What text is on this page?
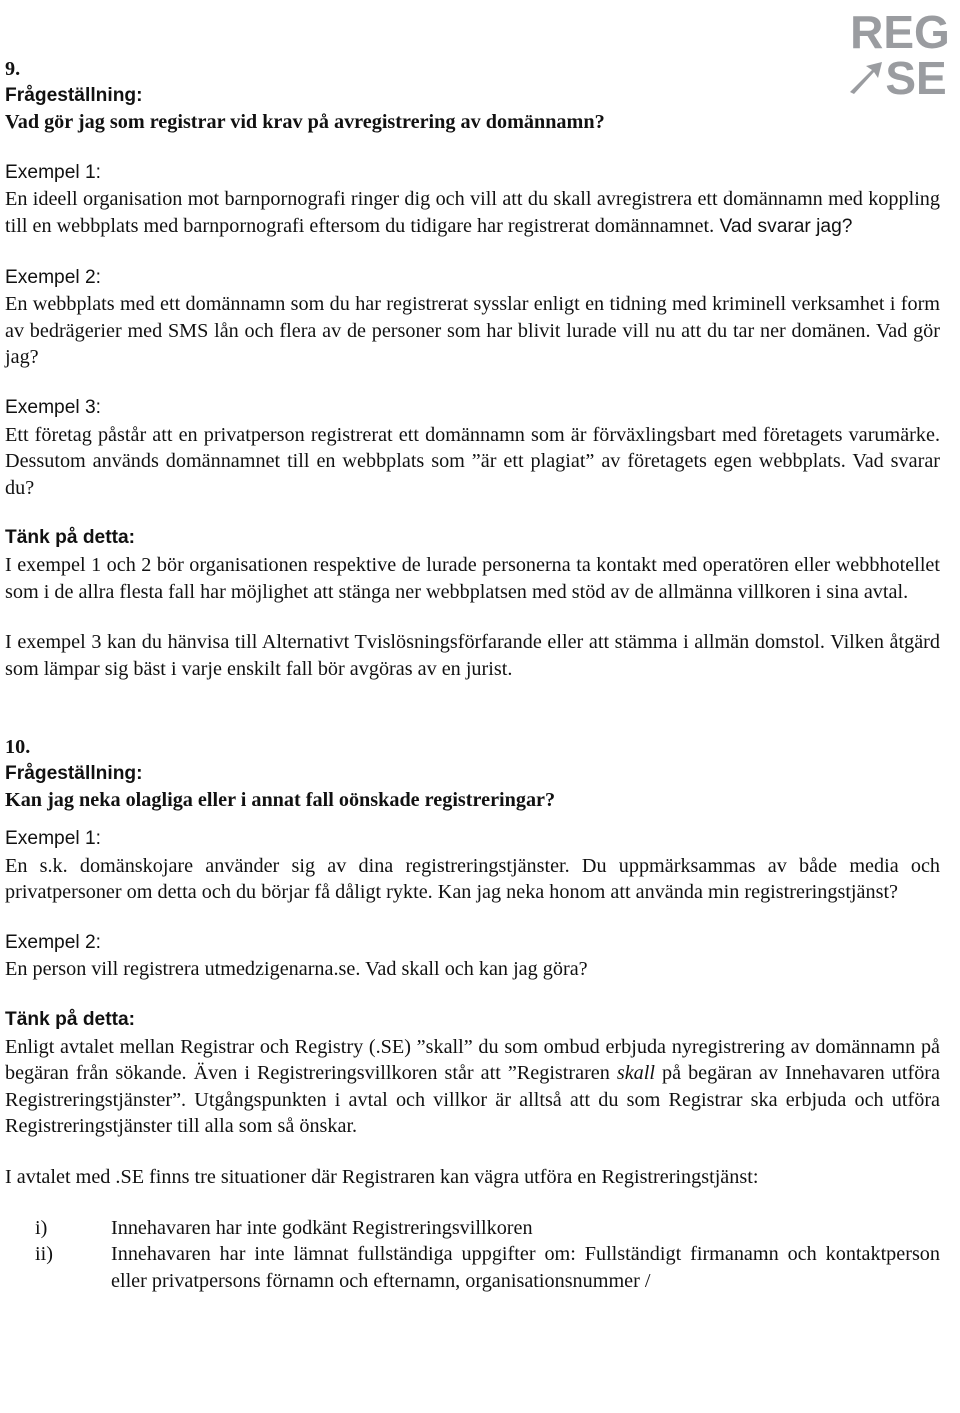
REG
SE

9.

Frågeställning:

Vad gör jag som registrar vid krav på avregistrering av domännamn?

Exempel 1:

En ideell organisation mot barnpornografi ringer dig och vill att du skall avregistrera ett domännamn med koppling till en webbplats med barnpornografi eftersom du tidigare har registrerat domännamnet. Vad svarar jag?

Exempel 2:

En webbplats med ett domännamn som du har registrerat sysslar enligt en tidning med kriminell verksamhet i form av bedrägerier med SMS lån och flera av de personer som har blivit lurade vill nu att du tar ner domänen. Vad gör jag?

Exempel 3:

Ett företag påstår att en privatperson registrerat ett domännamn som är förväxlingsbart med företagets varumärke. Dessutom används domännamnet till en webbplats som ”är ett plagiat” av företagets egen webbplats. Vad svarar du?

Tänk på detta:

I exempel 1 och 2 bör organisationen respektive de lurade personerna ta kontakt med operatören eller webbhotellet som i de allra flesta fall har möjlighet att stänga ner webbplatsen med stöd av de allmänna villkoren i sina avtal.

I exempel 3 kan du hänvisa till Alternativt Tvislösningsförfarande eller att stämma i allmän domstol. Vilken åtgärd som lämpar sig bäst i varje enskilt fall bör avgöras av en jurist.

10.

Frågeställning:

Kan jag neka olagliga eller i annat fall oönskade registreringar?

Exempel 1:

En s.k. domänskojare använder sig av dina registreringstjänster. Du uppmärksammas av både media och privatpersoner om detta och du börjar få dåligt rykte. Kan jag neka honom att använda min registreringstjänst?

Exempel 2:

En person vill registrera utmedzigenarna.se. Vad skall och kan jag göra?

Tänk på detta:

Enligt avtalet mellan Registrar och Registry (.SE) ”skall” du som ombud erbjuda nyregistrering av domännamn på begäran från sökande. Även i Registreringsvillkoren står att ”Registraren skall på begäran av Innehavaren utföra Registreringstjänster”. Utgångspunkten i avtal och villkor är alltså att du som Registrar ska erbjuda och utföra Registreringstjänster till alla som så önskar.

I avtalet med .SE finns tre situationer där Registraren kan vägra utföra en Registreringstjänst:

i)	Innehavaren har inte godkänt Registreringsvillkoren
ii)	Innehavaren har inte lämnat fullständiga uppgifter om: Fullständigt firmanamn och kontaktperson eller privatpersons förnamn och efternamn, organisationsnummer /
